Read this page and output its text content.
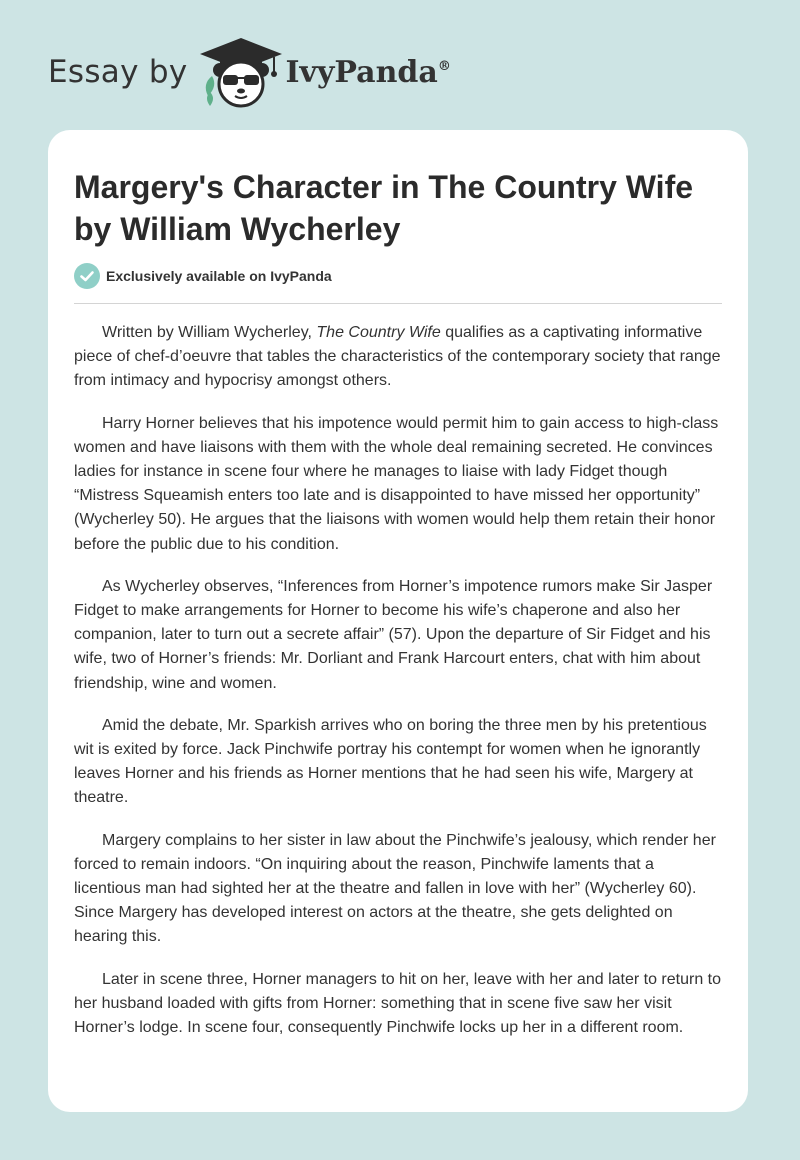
Essay by	IvyPanda®
Margery's Character in The Country Wife by William Wycherley
Exclusively available on IvyPanda

Written by William Wycherley, The Country Wife qualifies as a captivating informative piece of chef-d’oeuvre that tables the characteristics of the contemporary society that range from intimacy and hypocrisy amongst others.

Harry Horner believes that his impotence would permit him to gain access to high-class women and have liaisons with them with the whole deal remaining secreted. He convinces ladies for instance in scene four where he manages to liaise with lady Fidget though “Mistress Squeamish enters too late and is disappointed to have missed her opportunity” (Wycherley 50). He argues that the liaisons with women would help them retain their honor before the public due to his condition.

As Wycherley observes, “Inferences from Horner’s impotence rumors make Sir Jasper Fidget to make arrangements for Horner to become his wife’s chaperone and also her companion, later to turn out a secrete affair” (57). Upon the departure of Sir Fidget and his wife, two of Horner’s friends: Mr. Dorliant and Frank Harcourt enters, chat with him about friendship, wine and women.

Amid the debate, Mr. Sparkish arrives who on boring the three men by his pretentious wit is exited by force. Jack Pinchwife portray his contempt for women when he ignorantly leaves Horner and his friends as Horner mentions that he had seen his wife, Margery at theatre.

Margery complains to her sister in law about the Pinchwife’s jealousy, which render her forced to remain indoors. “On inquiring about the reason, Pinchwife laments that a licentious man had sighted her at the theatre and fallen in love with her” (Wycherley 60). Since Margery has developed interest on actors at the theatre, she gets delighted on hearing this.

Later in scene three, Horner managers to hit on her, leave with her and later to return to her husband loaded with gifts from Horner: something that in scene five saw her visit Horner’s lodge. In scene four, consequently Pinchwife locks up her in a different room.
